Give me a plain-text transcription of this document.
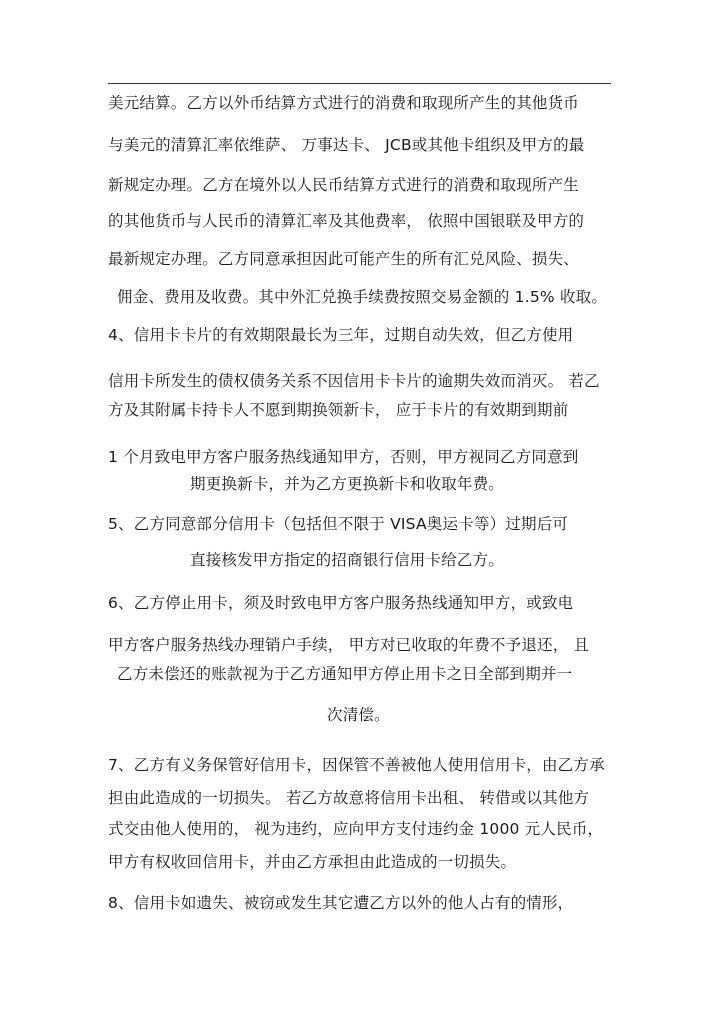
美元结算。乙方以外币结算方式进行的消费和取现所产生的其他货币
与美元的清算汇率依维萨、 万事达卡、 JCB或其他卡组织及甲方的最
新规定办理。乙方在境外以人民币结算方式进行的消费和取现所产生
的其他货币与人民币的清算汇率及其他费率， 依照中国银联及甲方的
最新规定办理。乙方同意承担因此可能产生的所有汇兑风险、损失、
佣金、费用及收费。其中外汇兑换手续费按照交易金额的 1.5% 收取。
4、信用卡卡片的有效期限最长为三年，过期自动失效，但乙方使用
信用卡所发生的债权债务关系不因信用卡卡片的逾期失效而消灭。 若乙
方及其附属卡持卡人不愿到期换领新卡， 应于卡片的有效期到期前
1 个月致电甲方客户服务热线通知甲方，否则，甲方视同乙方同意到
期更换新卡，并为乙方更换新卡和收取年费。
5、乙方同意部分信用卡（包括但不限于 VISA奥运卡等）过期后可
直接核发甲方指定的招商银行信用卡给乙方。
6、乙方停止用卡，须及时致电甲方客户服务热线通知甲方，或致电
甲方客户服务热线办理销户手续， 甲方对已收取的年费不予退还， 且
乙方未偿还的账款视为于乙方通知甲方停止用卡之日全部到期并一
次清偿。
7、乙方有义务保管好信用卡，因保管不善被他人使用信用卡，由乙方承
担由此造成的一切损失。 若乙方故意将信用卡出租、 转借或以其他方
式交由他人使用的， 视为违约，应向甲方支付违约金 1000 元人民币，
甲方有权收回信用卡，并由乙方承担由此造成的一切损失。
8、信用卡如遗失、被窃或发生其它遭乙方以外的他人占有的情形，
